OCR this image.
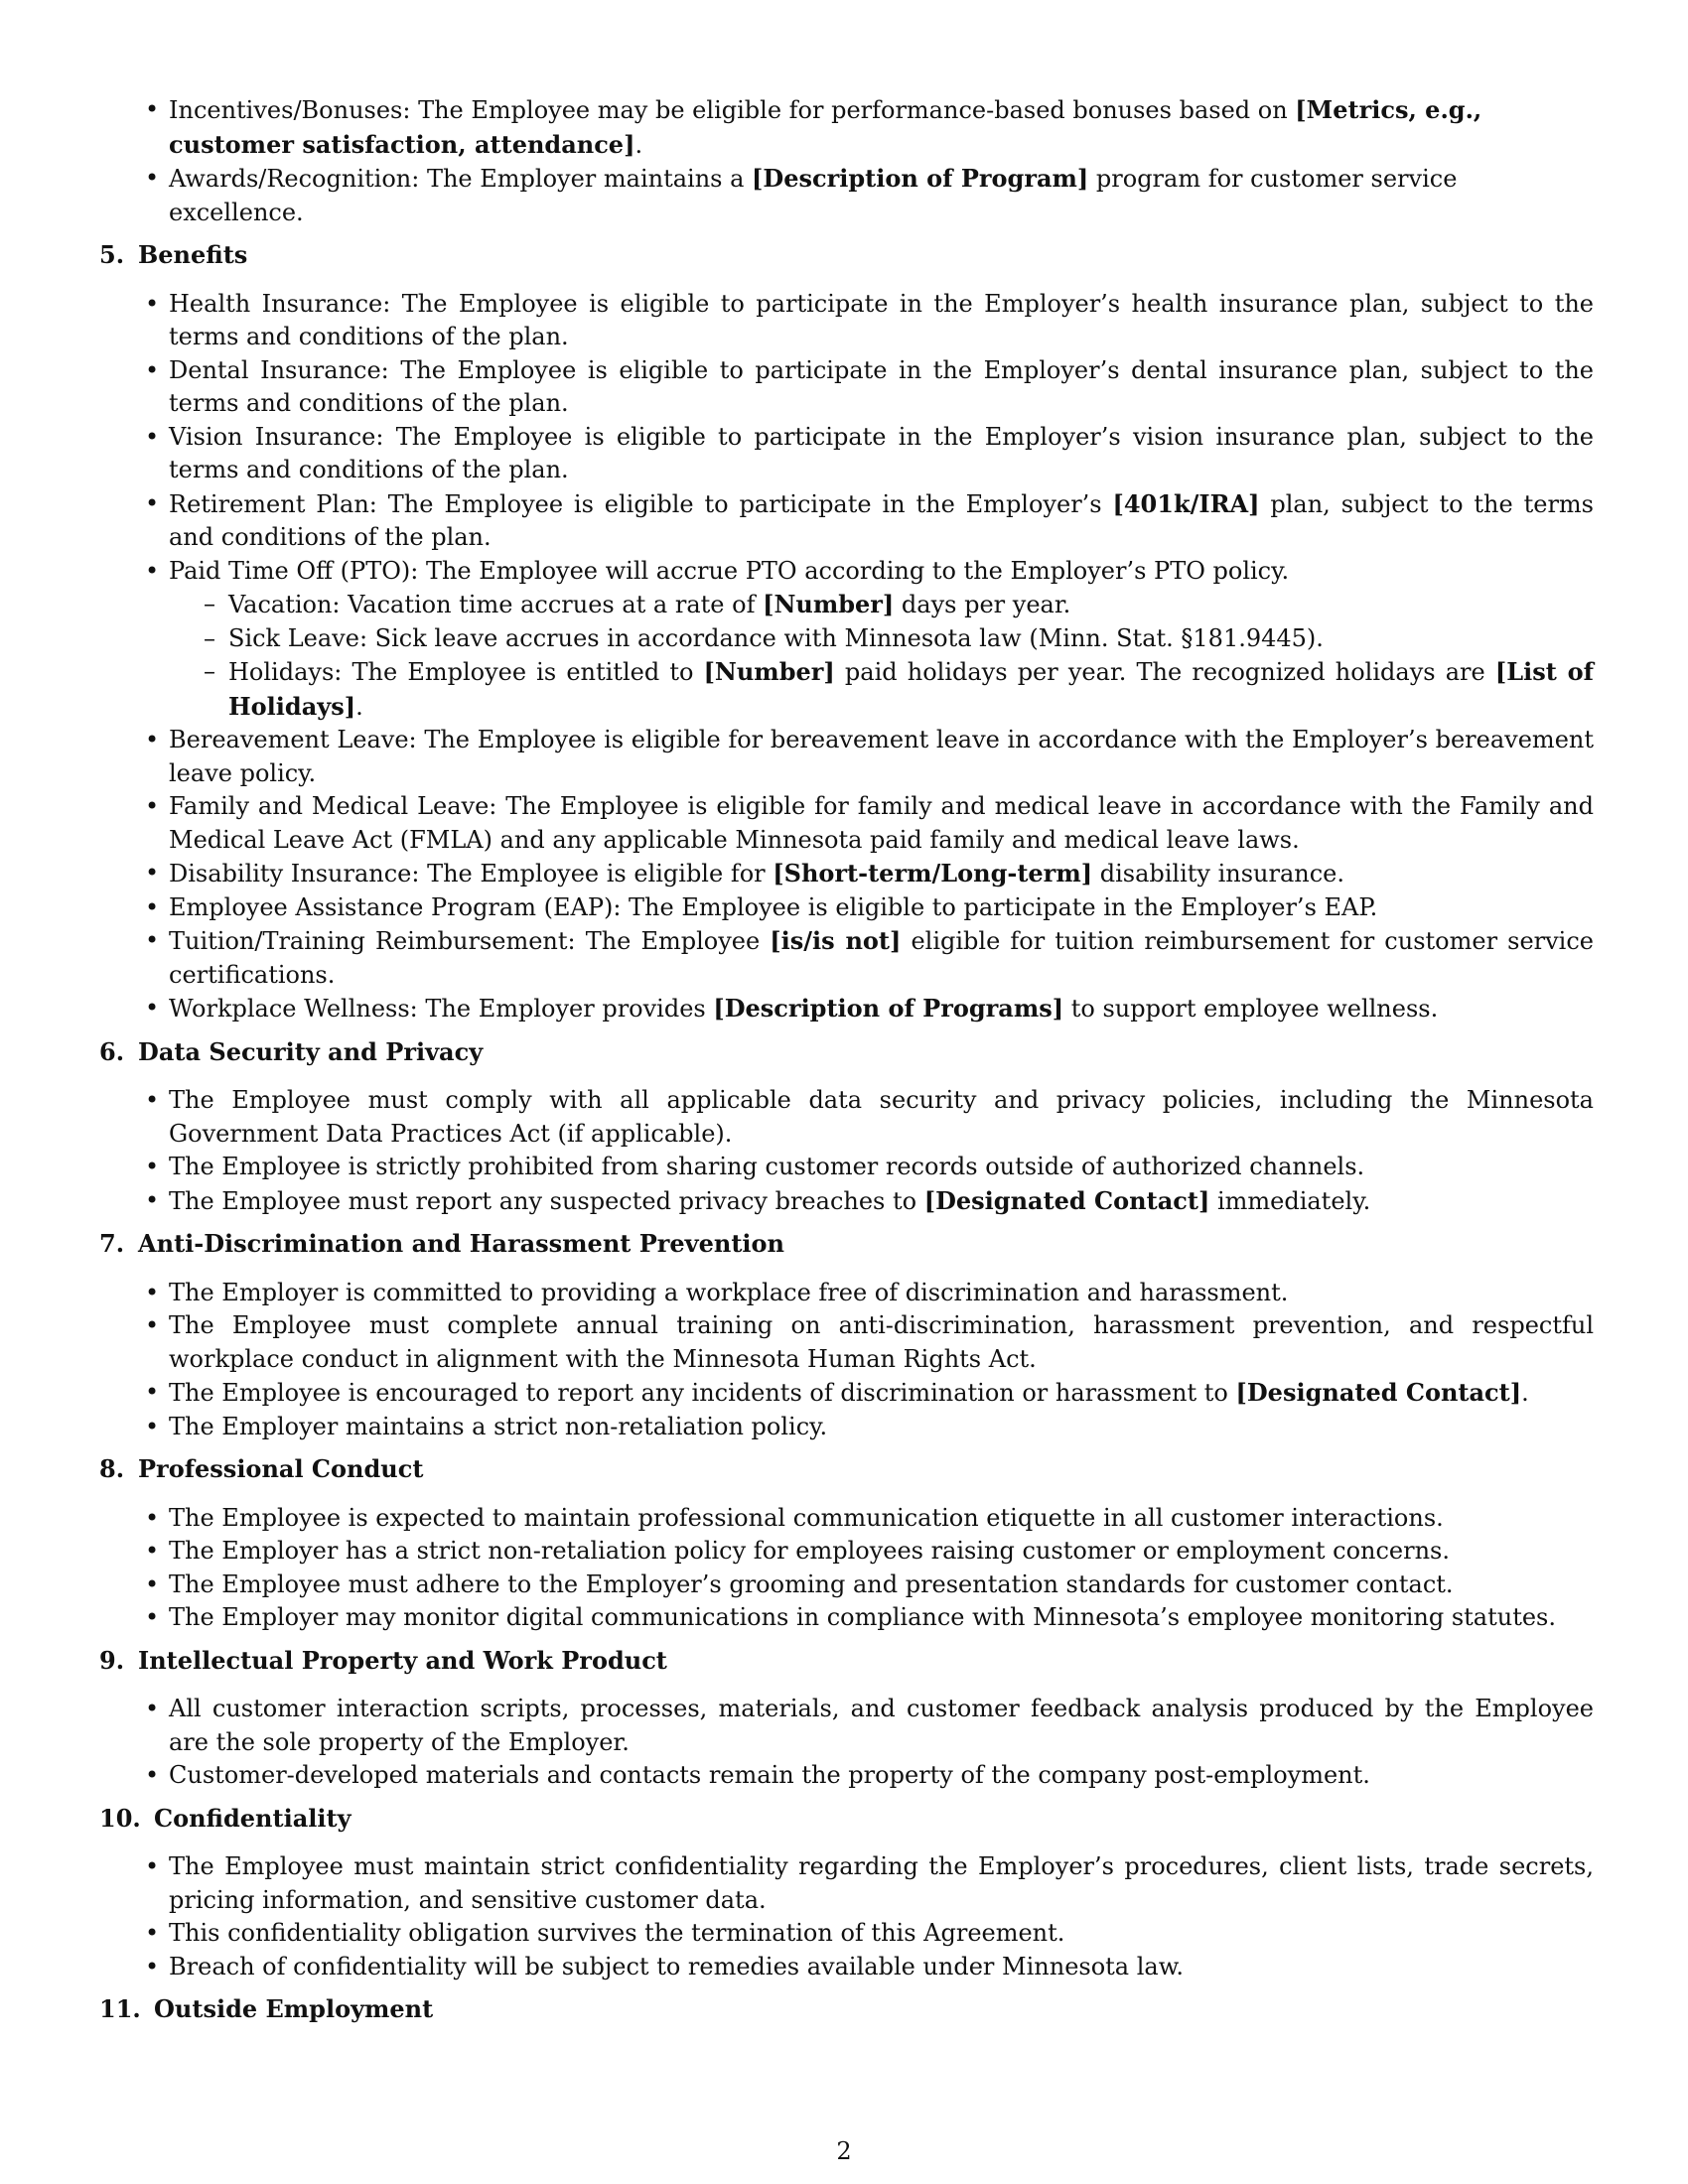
• Incentives/Bonuses: The Employee may be eligible for performance-based bonuses based on [Metrics, e.g., customer satisfaction, attendance].
• Awards/Recognition: The Employer maintains a [Description of Program] program for customer service excellence.
5. Benefits
• Health Insurance: The Employee is eligible to participate in the Employer’s health insurance plan, subject to the terms and conditions of the plan.
• Dental Insurance: The Employee is eligible to participate in the Employer’s dental insurance plan, subject to the terms and conditions of the plan.
• Vision Insurance: The Employee is eligible to participate in the Employer’s vision insurance plan, subject to the terms and conditions of the plan.
• Retirement Plan: The Employee is eligible to participate in the Employer’s [401k/IRA] plan, subject to the terms and conditions of the plan.
• Paid Time Off (PTO): The Employee will accrue PTO according to the Employer’s PTO policy.
– Vacation: Vacation time accrues at a rate of [Number] days per year.
– Sick Leave: Sick leave accrues in accordance with Minnesota law (Minn. Stat. §181.9445).
– Holidays: The Employee is entitled to [Number] paid holidays per year. The recognized holidays are [List of Holidays].
• Bereavement Leave: The Employee is eligible for bereavement leave in accordance with the Employer’s bereavement leave policy.
• Family and Medical Leave: The Employee is eligible for family and medical leave in accordance with the Family and Medical Leave Act (FMLA) and any applicable Minnesota paid family and medical leave laws.
• Disability Insurance: The Employee is eligible for [Short-term/Long-term] disability insurance.
• Employee Assistance Program (EAP): The Employee is eligible to participate in the Employer’s EAP.
• Tuition/Training Reimbursement: The Employee [is/is not] eligible for tuition reimbursement for customer service certifications.
• Workplace Wellness: The Employer provides [Description of Programs] to support employee wellness.
6. Data Security and Privacy
• The Employee must comply with all applicable data security and privacy policies, including the Minnesota Government Data Practices Act (if applicable).
• The Employee is strictly prohibited from sharing customer records outside of authorized channels.
• The Employee must report any suspected privacy breaches to [Designated Contact] immediately.
7. Anti-Discrimination and Harassment Prevention
• The Employer is committed to providing a workplace free of discrimination and harassment.
• The Employee must complete annual training on anti-discrimination, harassment prevention, and respectful workplace conduct in alignment with the Minnesota Human Rights Act.
• The Employee is encouraged to report any incidents of discrimination or harassment to [Designated Contact].
• The Employer maintains a strict non-retaliation policy.
8. Professional Conduct
• The Employee is expected to maintain professional communication etiquette in all customer interactions.
• The Employer has a strict non-retaliation policy for employees raising customer or employment concerns.
• The Employee must adhere to the Employer’s grooming and presentation standards for customer contact.
• The Employer may monitor digital communications in compliance with Minnesota’s employee monitoring statutes.
9. Intellectual Property and Work Product
• All customer interaction scripts, processes, materials, and customer feedback analysis produced by the Employee are the sole property of the Employer.
• Customer-developed materials and contacts remain the property of the company post-employment.
10. Confidentiality
• The Employee must maintain strict confidentiality regarding the Employer’s procedures, client lists, trade secrets, pricing information, and sensitive customer data.
• This confidentiality obligation survives the termination of this Agreement.
• Breach of confidentiality will be subject to remedies available under Minnesota law.
11. Outside Employment
2
